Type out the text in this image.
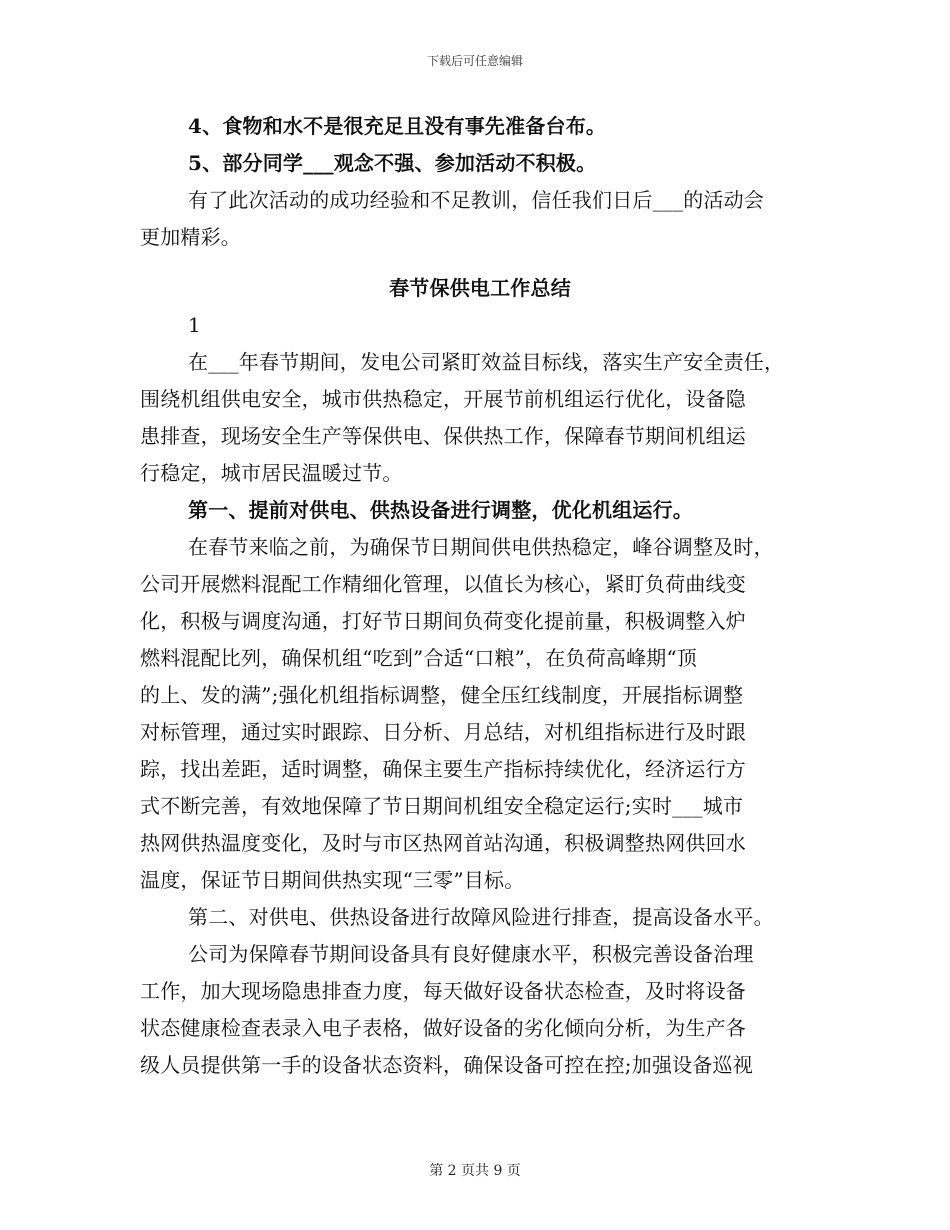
下载后可任意编辑
4、食物和水不是很充足且没有事先准备台布。
5、部分同学___观念不强、参加活动不积极。
有了此次活动的成功经验和不足教训，信任我们日后___的活动会
更加精彩。
春节保供电工作总结
1
在___年春节期间，发电公司紧盯效益目标线，落实生产安全责任，
围绕机组供电安全，城市供热稳定，开展节前机组运行优化，设备隐
患排查，现场安全生产等保供电、保供热工作，保障春节期间机组运
行稳定，城市居民温暖过节。
第一、提前对供电、供热设备进行调整，优化机组运行。
在春节来临之前，为确保节日期间供电供热稳定，峰谷调整及时，
公司开展燃料混配工作精细化管理，以值长为核心，紧盯负荷曲线变
化，积极与调度沟通，打好节日期间负荷变化提前量，积极调整入炉
燃料混配比列，确保机组“吃到”合适“口粮”，在负荷高峰期“顶
的上、发的满”;强化机组指标调整，健全压红线制度，开展指标调整
对标管理，通过实时跟踪、日分析、月总结，对机组指标进行及时跟
踪，找出差距，适时调整，确保主要生产指标持续优化，经济运行方
式不断完善，有效地保障了节日期间机组安全稳定运行;实时___城市
热网供热温度变化，及时与市区热网首站沟通，积极调整热网供回水
温度，保证节日期间供热实现“三零”目标。
第二、对供电、供热设备进行故障风险进行排查，提高设备水平。
公司为保障春节期间设备具有良好健康水平，积极完善设备治理
工作，加大现场隐患排查力度，每天做好设备状态检查，及时将设备
状态健康检查表录入电子表格，做好设备的劣化倾向分析，为生产各
级人员提供第一手的设备状态资料，确保设备可控在控;加强设备巡视
第 2 页共 9 页
